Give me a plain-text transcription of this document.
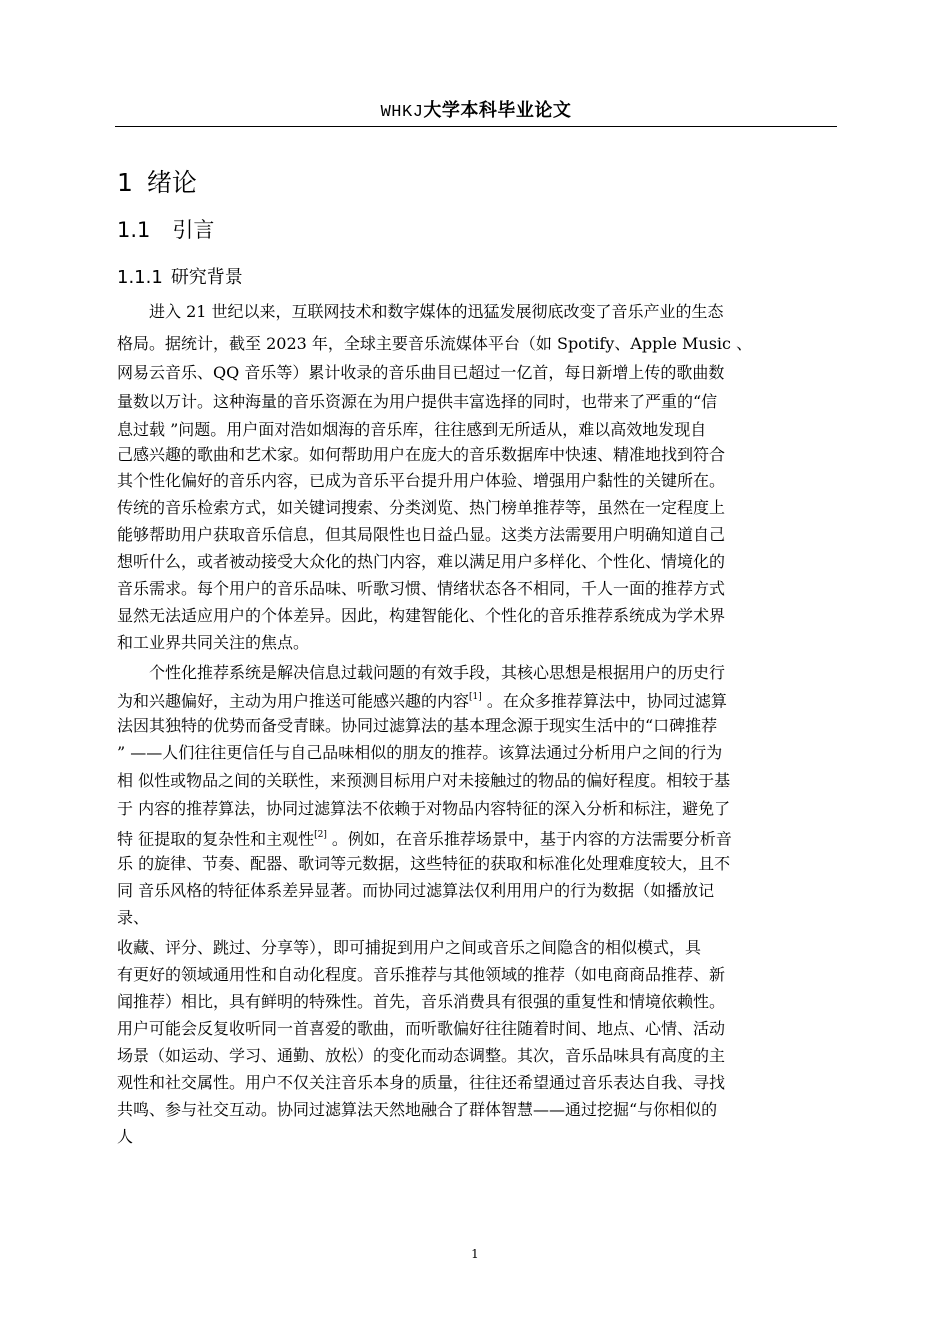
WHKJ大学本科毕业论文
1 绪论
1.1 引言
1.1.1 研究背景
　进入 21 世纪以来，互联网技术和数字媒体的迅猛发展彻底改变了音乐产业的生态
格局。据统计，截至 2023 年，全球主要音乐流媒体平台（如 Spotify、Apple Music 、
网易云音乐、QQ 音乐等）累计收录的音乐曲目已超过一亿首，每日新增上传的歌曲数
量数以万计。这种海量的音乐资源在为用户提供丰富选择的同时，也带来了严重的“信
息过载 ”问题。用户面对浩如烟海的音乐库，往往感到无所适从，难以高效地发现自
己感兴趣的歌曲和艺术家。如何帮助用户在庞大的音乐数据库中快速、精准地找到符合
其个性化偏好的音乐内容，已成为音乐平台提升用户体验、增强用户黏性的关键所在。
传统的音乐检索方式，如关键词搜索、分类浏览、热门榜单推荐等，虽然在一定程度上
能够帮助用户获取音乐信息，但其局限性也日益凸显。这类方法需要用户明确知道自己
想听什么，或者被动接受大众化的热门内容，难以满足用户多样化、个性化、情境化的
音乐需求。每个用户的音乐品味、听歌习惯、情绪状态各不相同，千人一面的推荐方式
显然无法适应用户的个体差异。因此，构建智能化、个性化的音乐推荐系统成为学术界
和工业界共同关注的焦点。
　个性化推荐系统是解决信息过载问题的有效手段，其核心思想是根据用户的历史行
为和兴趣偏好，主动为用户推送可能感兴趣的内容[1] 。在众多推荐算法中，协同过滤算
法因其独特的优势而备受青睐。协同过滤算法的基本理念源于现实生活中的“口碑推荐
” ——人们往往更信任与自己品味相似的朋友的推荐。该算法通过分析用户之间的行为
相 似性或物品之间的关联性，来预测目标用户对未接触过的物品的偏好程度。相较于基
于 内容的推荐算法，协同过滤算法不依赖于对物品内容特征的深入分析和标注，避免了
特 征提取的复杂性和主观性[2] 。例如，在音乐推荐场景中，基于内容的方法需要分析音
乐 的旋律、节奏、配器、歌词等元数据，这些特征的获取和标准化处理难度较大，且不
同 音乐风格的特征体系差异显著。而协同过滤算法仅利用用户的行为数据（如播放记
录、
收藏、评分、跳过、分享等），即可捕捉到用户之间或音乐之间隐含的相似模式，具
有更好的领域通用性和自动化程度。音乐推荐与其他领域的推荐（如电商商品推荐、新
闻推荐）相比，具有鲜明的特殊性。首先，音乐消费具有很强的重复性和情境依赖性。
用户可能会反复收听同一首喜爱的歌曲，而听歌偏好往往随着时间、地点、心情、活动
场景（如运动、学习、通勤、放松）的变化而动态调整。其次，音乐品味具有高度的主
观性和社交属性。用户不仅关注音乐本身的质量，往往还希望通过音乐表达自我、寻找
共鸣、参与社交互动。协同过滤算法天然地融合了群体智慧——通过挖掘“与你相似的
人
1
